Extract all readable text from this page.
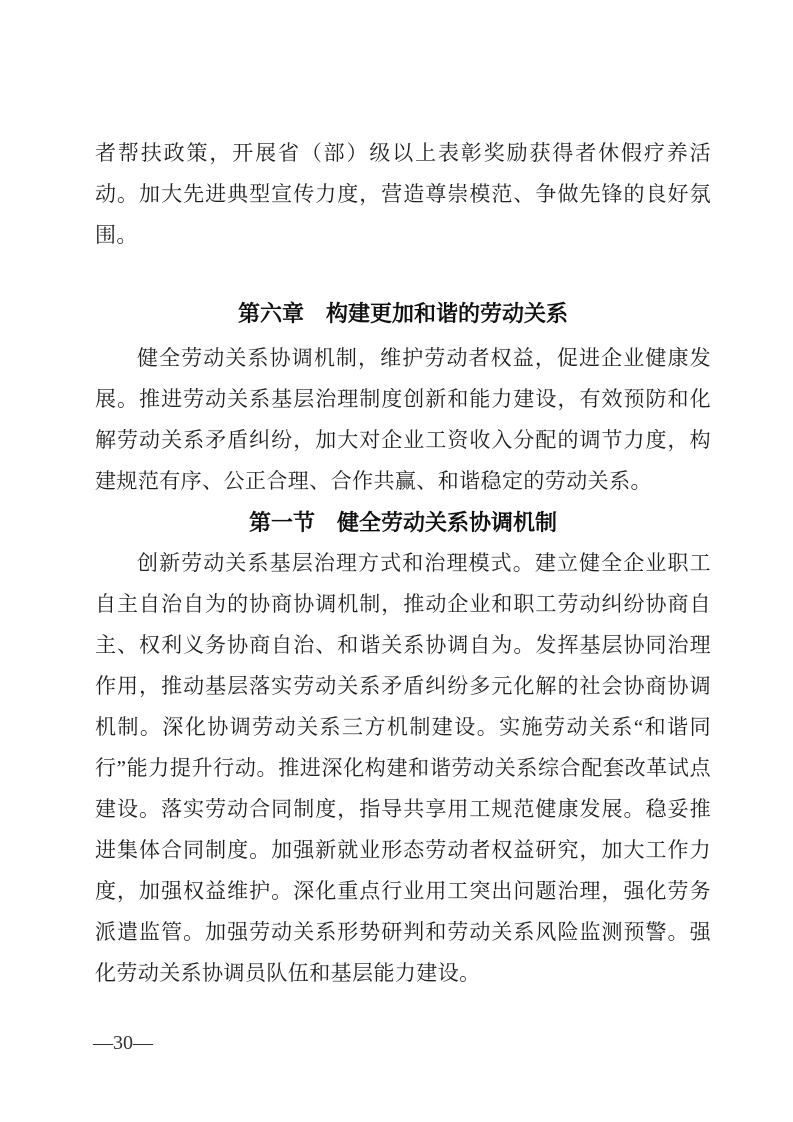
者帮扶政策，开展省（部）级以上表彰奖励获得者休假疗养活动。加大先进典型宣传力度，营造尊崇模范、争做先锋的良好氛围。

第六章　构建更加和谐的劳动关系

健全劳动关系协调机制，维护劳动者权益，促进企业健康发展。推进劳动关系基层治理制度创新和能力建设，有效预防和化解劳动关系矛盾纠纷，加大对企业工资收入分配的调节力度，构建规范有序、公正合理、合作共赢、和谐稳定的劳动关系。

第一节　健全劳动关系协调机制

创新劳动关系基层治理方式和治理模式。建立健全企业职工自主自治自为的协商协调机制，推动企业和职工劳动纠纷协商自主、权利义务协商自治、和谐关系协调自为。发挥基层协同治理作用，推动基层落实劳动关系矛盾纠纷多元化解的社会协商协调机制。深化协调劳动关系三方机制建设。实施劳动关系“和谐同行”能力提升行动。推进深化构建和谐劳动关系综合配套改革试点建设。落实劳动合同制度，指导共享用工规范健康发展。稳妥推进集体合同制度。加强新就业形态劳动者权益研究，加大工作力度，加强权益维护。深化重点行业用工突出问题治理，强化劳务派遣监管。加强劳动关系形势研判和劳动关系风险监测预警。强化劳动关系协调员队伍和基层能力建设。

—30—
